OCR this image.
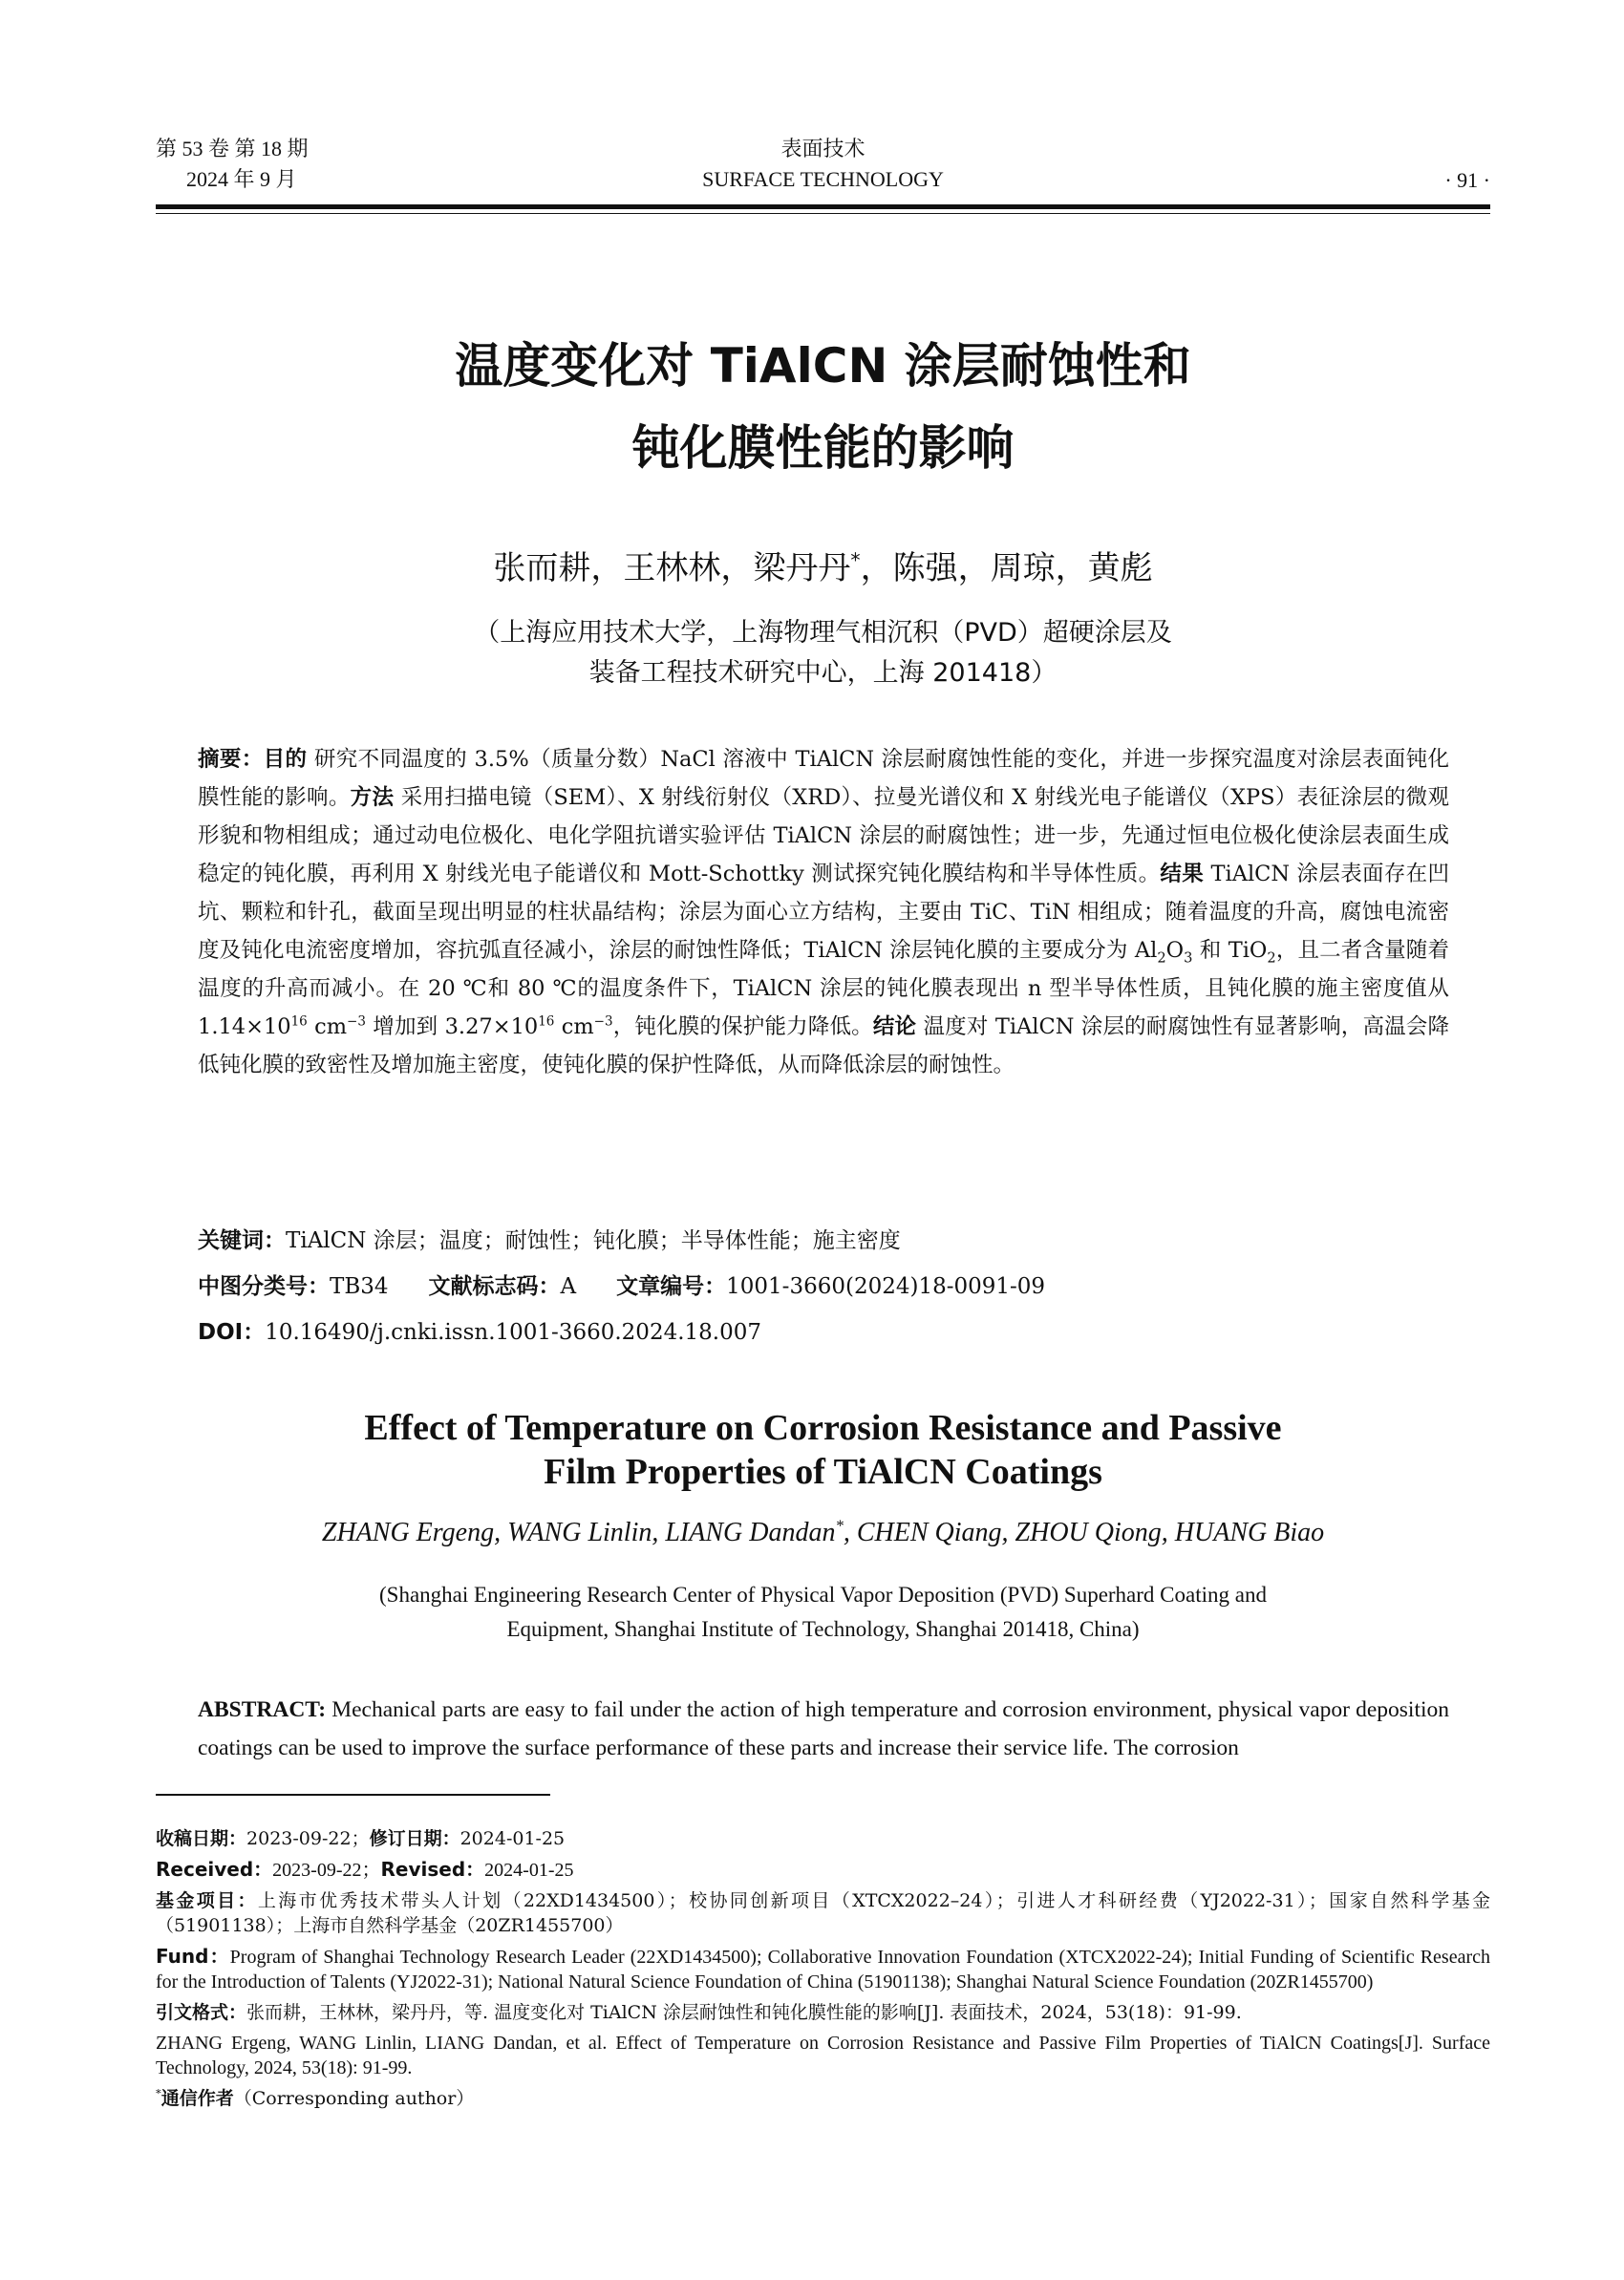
第 53 卷 第 18 期
2024 年 9 月
表面技术
SURFACE TECHNOLOGY	· 91 ·
温度变化对 TiAlCN 涂层耐蚀性和
钝化膜性能的影响
张而耕，王林林，梁丹丹*，陈强，周琼，黄彪
（上海应用技术大学，上海物理气相沉积（PVD）超硬涂层及
装备工程技术研究中心，上海 201418）
摘要：目的 研究不同温度的 3.5%（质量分数）NaCl 溶液中 TiAlCN 涂层耐腐蚀性能的变化，并进一步探究温度对涂层表面钝化膜性能的影响。方法 采用扫描电镜（SEM）、X 射线衍射仪（XRD）、拉曼光谱仪和 X 射线光电子能谱仪（XPS）表征涂层的微观形貌和物相组成；通过动电位极化、电化学阻抗谱实验评估 TiAlCN 涂层的耐腐蚀性；进一步，先通过恒电位极化使涂层表面生成稳定的钝化膜，再利用 X 射线光电子能谱仪和 Mott-Schottky 测试探究钝化膜结构和半导体性质。结果 TiAlCN 涂层表面存在凹坑、颗粒和针孔，截面呈现出明显的柱状晶结构；涂层为面心立方结构，主要由 TiC、TiN 相组成；随着温度的升高，腐蚀电流密度及钝化电流密度增加，容抗弧直径减小，涂层的耐蚀性降低；TiAlCN 涂层钝化膜的主要成分为 $Al_2O_3$ 和 TiO$_2$，且二者含量随着温度的升高而减小。在 20 ℃和 80 ℃的温度条件下，TiAlCN 涂层的钝化膜表现出 n 型半导体性质，且钝化膜的施主密度值从 $1.14\times 10^{16}$ $cm^{-3}$ 增加到 $3.27\times 10^{16}$ $cm^{-3}$，钝化膜的保护能力降低。结论 温度对 TiAlCN 涂层的耐腐蚀性有显著影响，高温会降低钝化膜的致密性及增加施主密度，使钝化膜的保护性降低，从而降低涂层的耐蚀性。
关键词：TiAlCN 涂层；温度；耐蚀性；钝化膜；半导体性能；施主密度
中图分类号：TB34 文献标志码：A 文章编号：1001-3660(2024)18-0091-09
DOI：10.16490/j.cnki.issn.1001-3660.2024.18.007
Effect of Temperature on Corrosion Resistance and Passive
Film Properties of TiAlCN Coatings
ZHANG Ergeng, WANG Linlin, LIANG Dandan*, CHEN Qiang, ZHOU Qiong, HUANG Biao
(Shanghai Engineering Research Center of Physical Vapor Deposition (PVD) Superhard Coating and
Equipment, Shanghai Institute of Technology, Shanghai 201418, China)
ABSTRACT: Mechanical parts are easy to fail under the action of high temperature and corrosion environment, physical vapor deposition coatings can be used to improve the surface performance of these parts and increase their service life. The corrosion

收稿日期：2023-09-22；修订日期：2024-01-25

Received：2023-09-22；Revised：2024-01-25

基金项目：上海市优秀技术带头人计划（22XD1434500）；校协同创新项目（XTCX2022–24）；引进人才科研经费（YJ2022-31）；国家自然科学基金（51901138）；上海市自然科学基金（20ZR1455700）

Fund：Program of Shanghai Technology Research Leader (22XD1434500); Collaborative Innovation Foundation (XTCX2022-24); Initial Funding of Scientific Research for the Introduction of Talents (YJ2022-31); National Natural Science Foundation of China (51901138); Shanghai Natural Science Foundation (20ZR1455700)

引文格式：张而耕，王林林，梁丹丹，等. 温度变化对 TiAlCN 涂层耐蚀性和钝化膜性能的影响[J]. 表面技术，2024，53(18)：91-99.

ZHANG Ergeng, WANG Linlin, LIANG Dandan, et al. Effect of Temperature on Corrosion Resistance and Passive Film Properties of TiAlCN Coatings[J]. Surface Technology, 2024, 53(18): 91-99.

*通信作者（Corresponding author）
